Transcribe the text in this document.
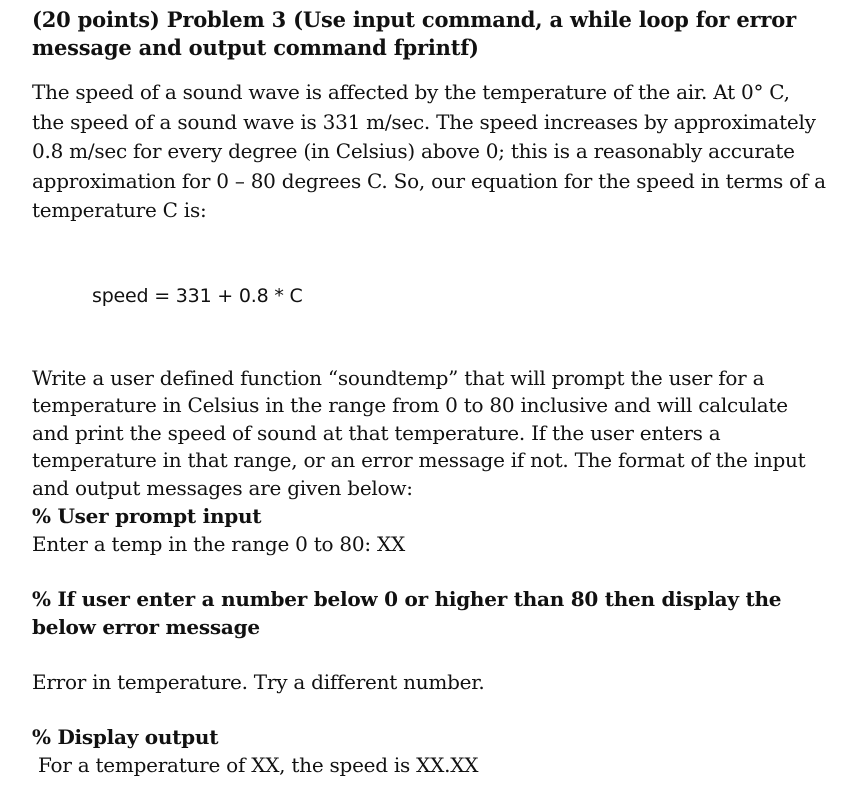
(20 points) Problem 3 (Use input command, a while loop for error message and output command fprintf)
The speed of a sound wave is affected by the temperature of the air. At 0° C, the speed of a sound wave is 331 m/sec. The speed increases by approximately 0.8 m/sec for every degree (in Celsius) above 0; this is a reasonably accurate approximation for 0 – 80 degrees C. So, our equation for the speed in terms of a temperature C is:
speed = 331 + 0.8 * C
Write a user defined function “soundtemp” that will prompt the user for a temperature in Celsius in the range from 0 to 80 inclusive and will calculate and print the speed of sound at that temperature. If the user enters a temperature in that range, or an error message if not. The format of the input and output messages are given below:
% User prompt input
Enter a temp in the range 0 to 80: XX
% If user enter a number below 0 or higher than 80 then display the below error message
Error in temperature. Try a different number.
% Display output
For a temperature of XX, the speed is XX.XX
